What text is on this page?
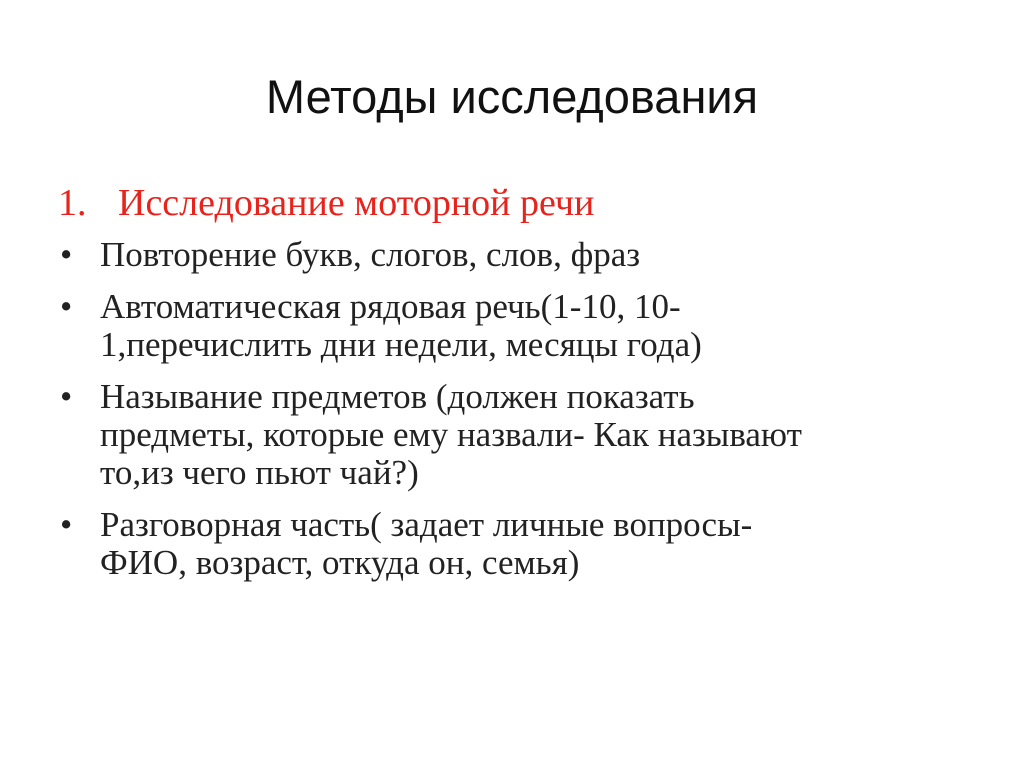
Методы исследования
1. Исследование моторной речи
• Повторение букв, слогов, слов, фраз
• Автоматическая рядовая речь(1-10, 10-
1,перечислить дни недели, месяцы года)
• Называние предметов (должен показать
предметы, которые ему назвали- Как называют
то,из чего пьют чай?)
• Разговорная часть( задает личные вопросы-
ФИО, возраст, откуда он, семья)
